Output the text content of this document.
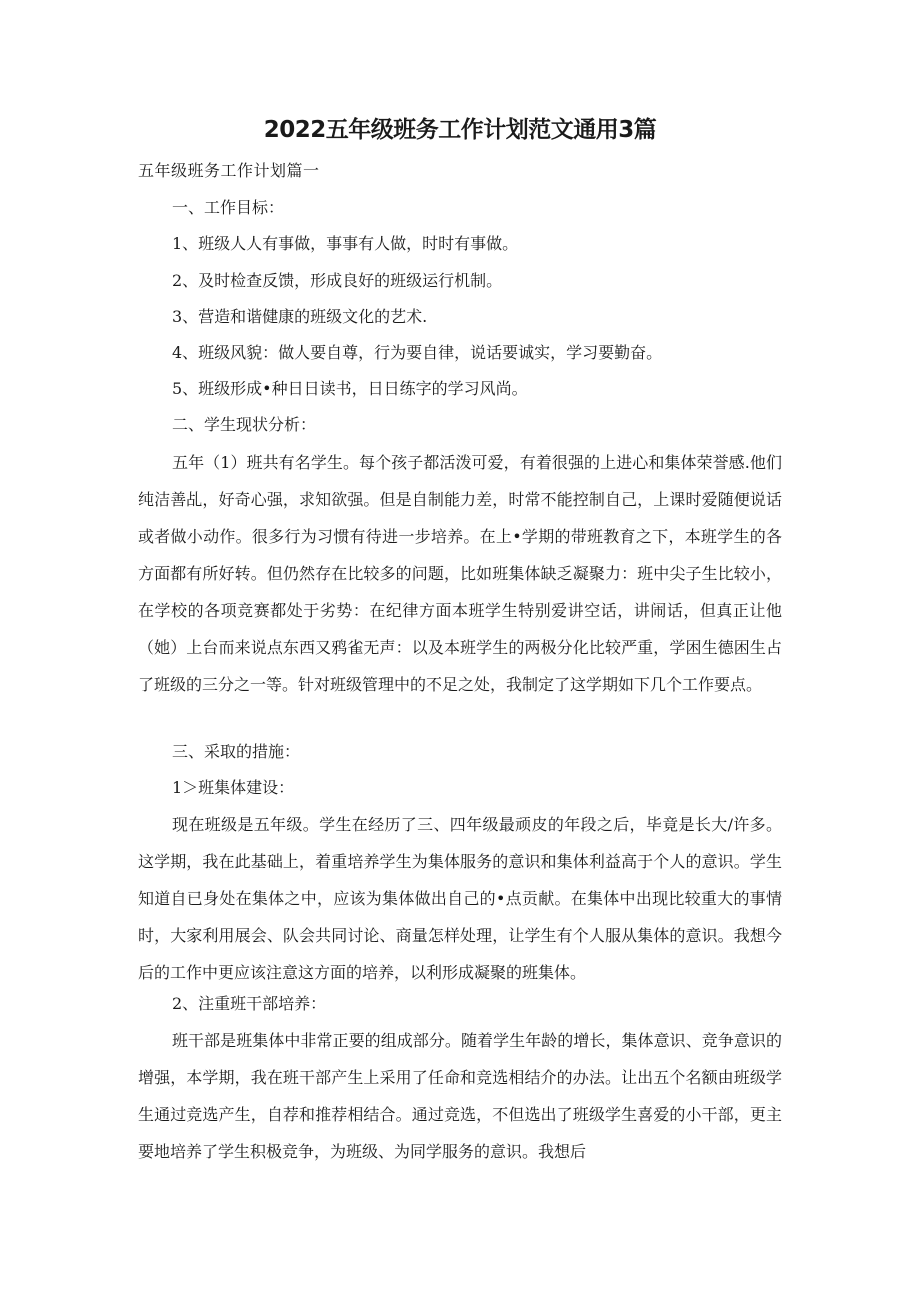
2022五年级班务工作计划范文通用3篇

五年级班务工作计划篇一

一、工作目标：

1、班级人人有事做，事事有人做，时时有事做。

2、及时检查反馈，形成良好的班级运行机制。

3、营造和谐健康的班级文化的艺术.

4、班级风貌：做人要自尊，行为要自律，说话要诚实，学习要勤奋。

5、班级形成•种日日读书，日日练字的学习风尚。

二、学生现状分析：

五年（1）班共有名学生。每个孩子都活泼可爱，有着很强的上进心和集体荣誉感.他们纯洁善乩，好奇心强，求知欲强。但是自制能力差，时常不能控制自己，上课时爱随便说话或者做小动作。很多行为习惯有待进一步培养。在上•学期的带班教育之下，本班学生的各方面都有所好转。但仍然存在比较多的问题，比如班集体缺乏凝聚力：班中尖子生比较小，在学校的各项竞赛都处于劣势：在纪律方面本班学生特别爱讲空话，讲闹话，但真正让他（她）上台而来说点东西又鸦雀无声：以及本班学生的两极分化比较严重，学困生德困生占了班级的三分之一等。针对班级管理中的不足之处，我制定了这学期如下几个工作要点。

三、采取的措施：

1＞班集体建设：

现在班级是五年级。学生在经历了三、四年级最顽皮的年段之后，毕竟是长大/许多。这学期，我在此基础上，着重培养学生为集体服务的意识和集体利益高于个人的意识。学生知道自已身处在集体之中，应该为集体做出自己的•点贡献。在集体中出现比较重大的事情时，大家利用展会、队会共同讨论、商量怎样处理，让学生有个人服从集体的意识。我想今后的工作中更应该注意这方面的培养，以利形成凝聚的班集体。

2、注重班干部培养：

班干部是班集体中非常正要的组成部分。随着学生年龄的增长，集体意识、竞争意识的增强，本学期，我在班干部产生上采用了任命和竞选相结介的办法。让出五个名额由班级学生通过竞选产生，自荐和推荐相结合。通过竞选，不但选出了班级学生喜爱的小干部，更主要地培养了学生积极竞争，为班级、为同学服务的意识。我想后
